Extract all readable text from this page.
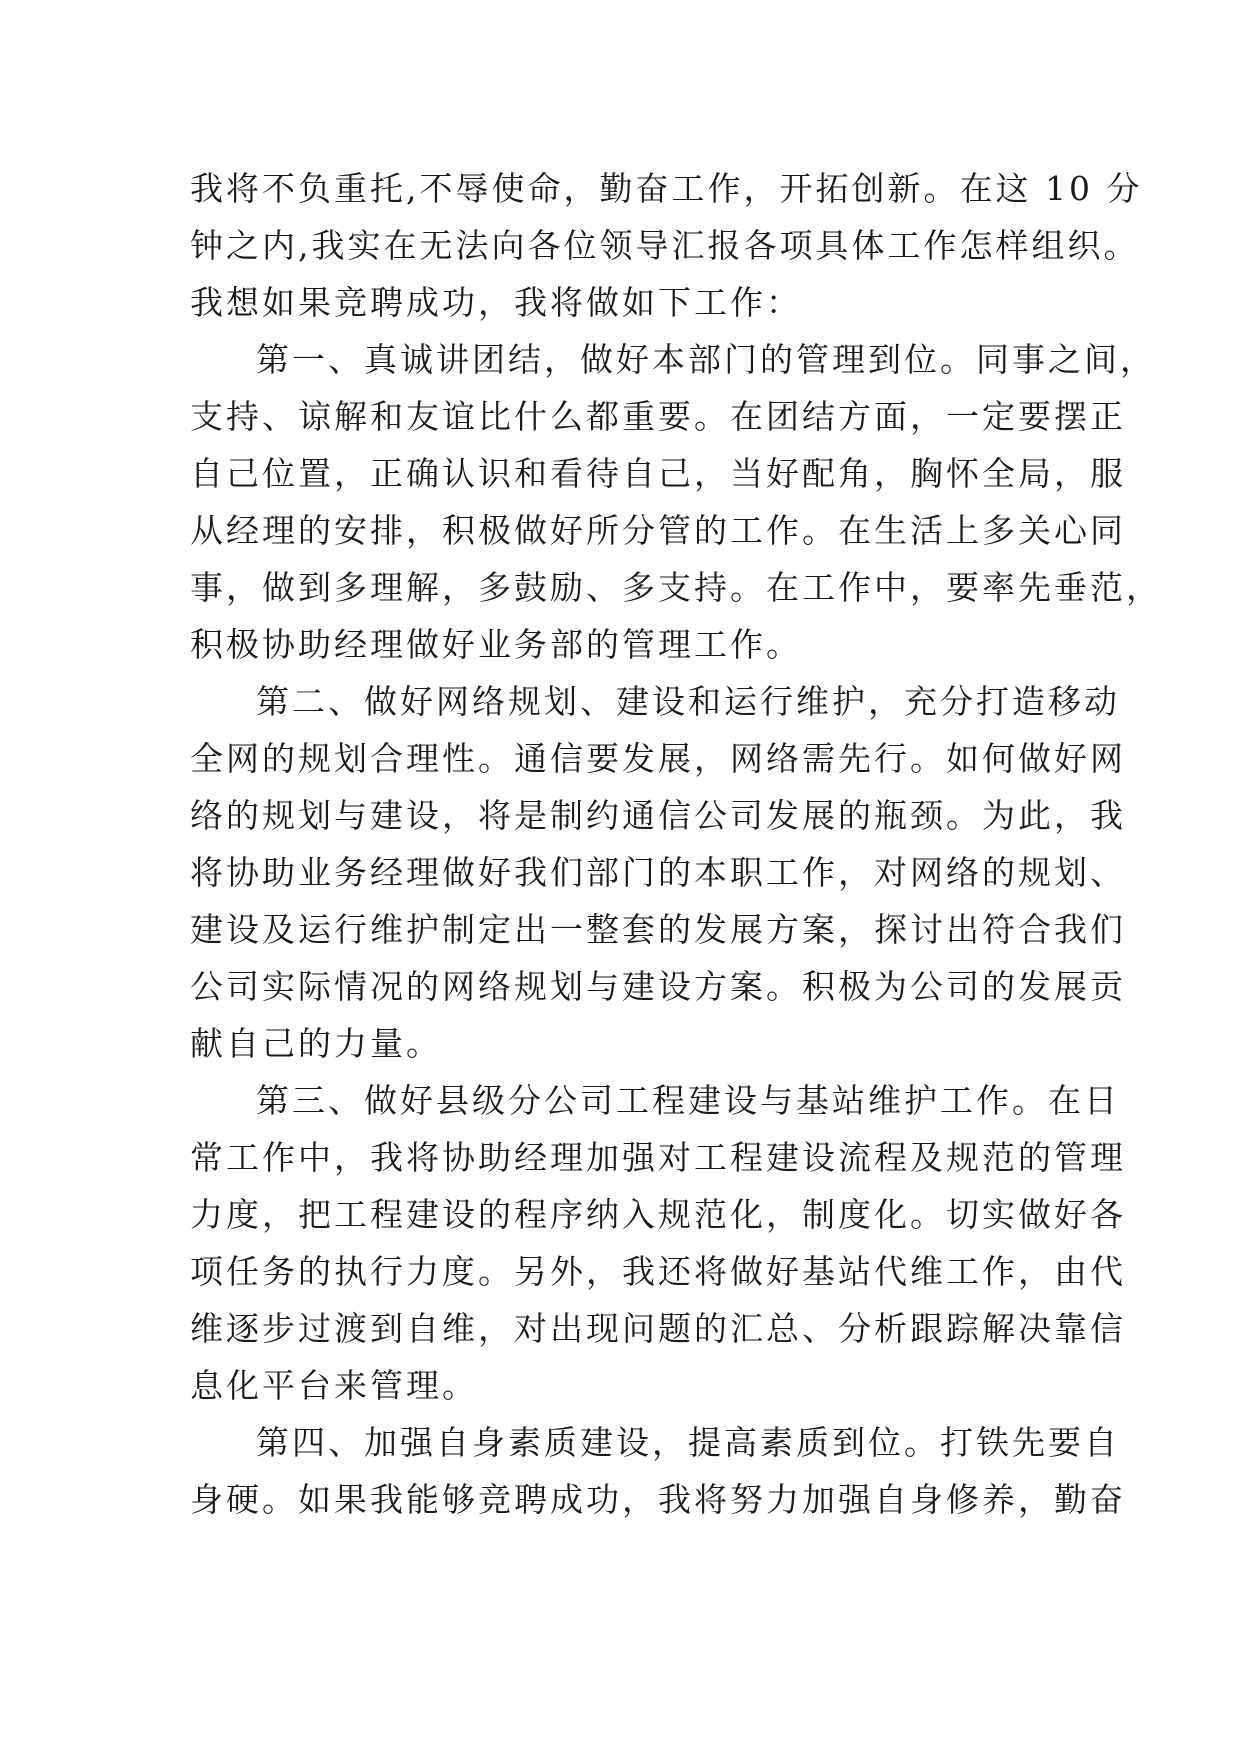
我将不负重托,不辱使命，勤奋工作，开拓创新。在这 10 分
钟之内,我实在无法向各位领导汇报各项具体工作怎样组织。
我想如果竞聘成功，我将做如下工作：
第一、真诚讲团结，做好本部门的管理到位。同事之间，
支持、谅解和友谊比什么都重要。在团结方面，一定要摆正
自己位置，正确认识和看待自己，当好配角，胸怀全局，服
从经理的安排，积极做好所分管的工作。在生活上多关心同
事，做到多理解，多鼓励、多支持。在工作中，要率先垂范，
积极协助经理做好业务部的管理工作。
第二、做好网络规划、建设和运行维护，充分打造移动
全网的规划合理性。通信要发展，网络需先行。如何做好网
络的规划与建设，将是制约通信公司发展的瓶颈。为此，我
将协助业务经理做好我们部门的本职工作，对网络的规划、
建设及运行维护制定出一整套的发展方案，探讨出符合我们
公司实际情况的网络规划与建设方案。积极为公司的发展贡
献自己的力量。
第三、做好县级分公司工程建设与基站维护工作。在日
常工作中，我将协助经理加强对工程建设流程及规范的管理
力度，把工程建设的程序纳入规范化，制度化。切实做好各
项任务的执行力度。另外，我还将做好基站代维工作，由代
维逐步过渡到自维，对出现问题的汇总、分析跟踪解决靠信
息化平台来管理。
第四、加强自身素质建设，提高素质到位。打铁先要自
身硬。如果我能够竞聘成功，我将努力加强自身修养，勤奋
